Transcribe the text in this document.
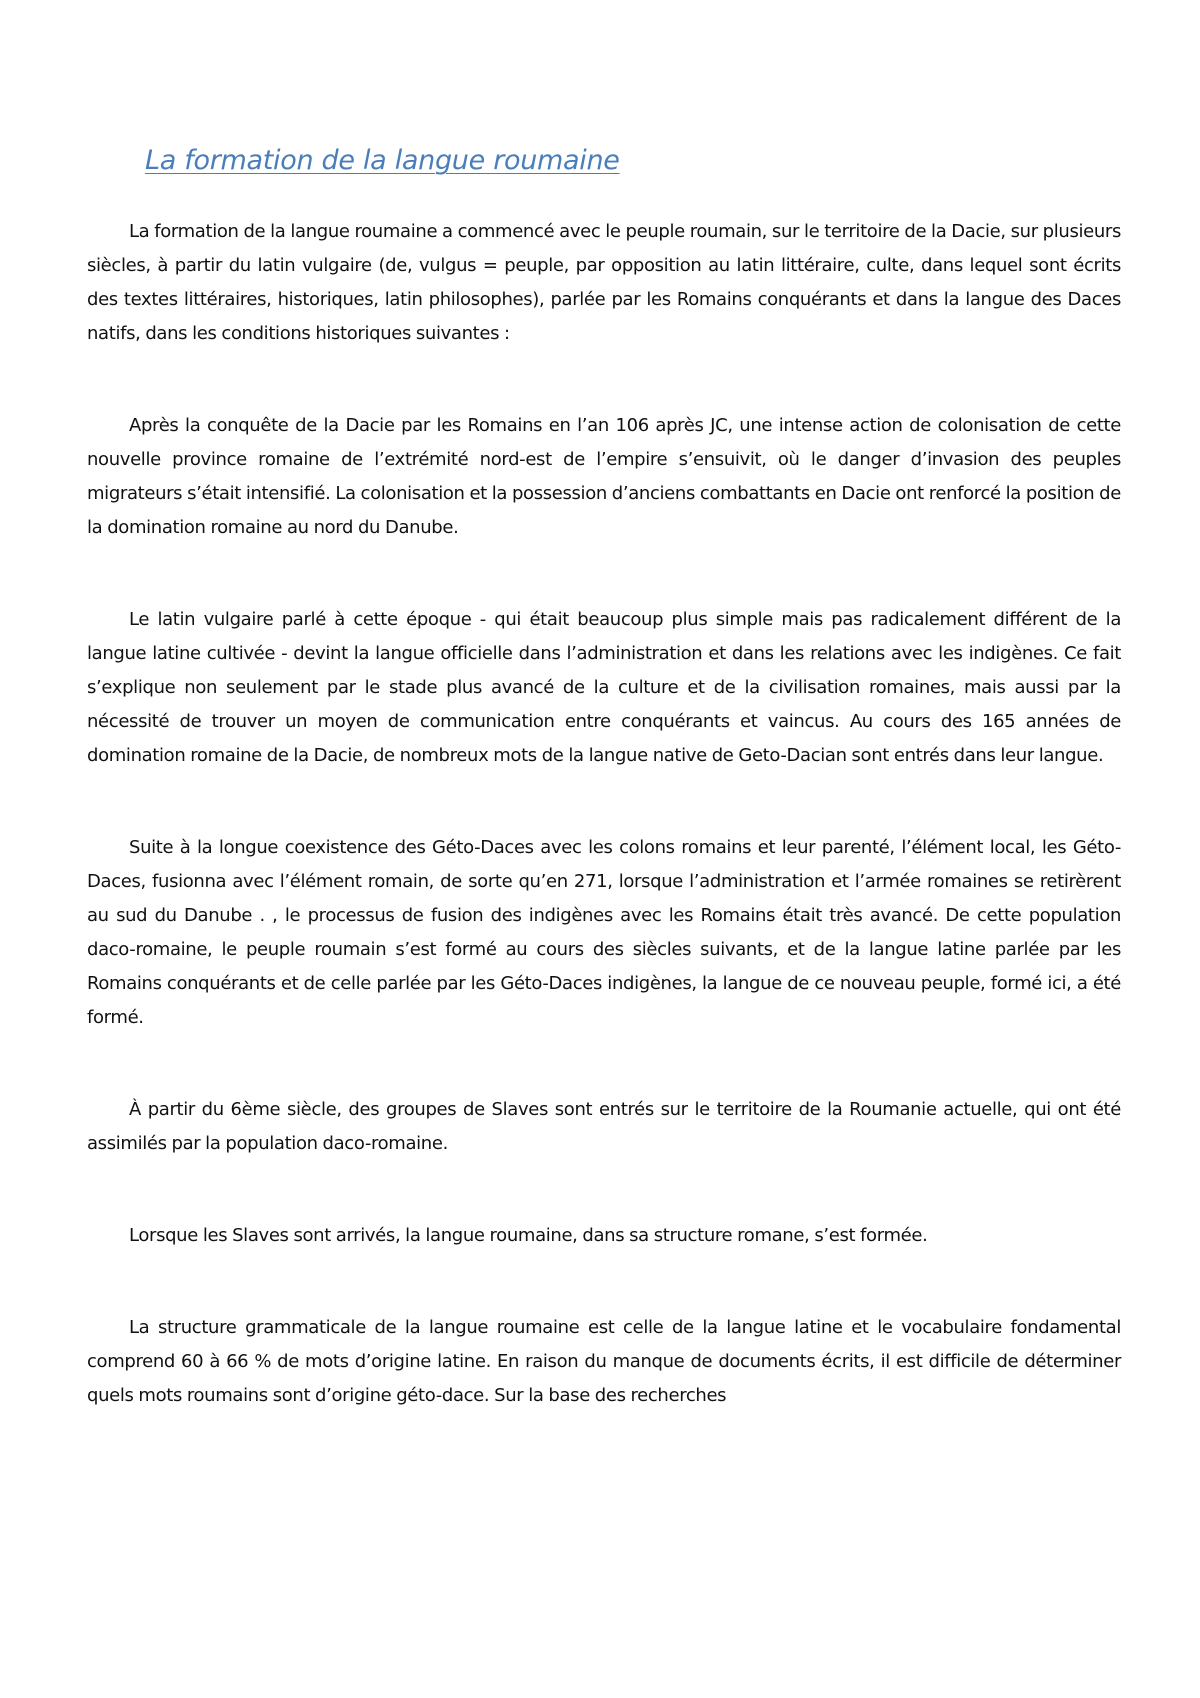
La formation de la langue roumaine

La formation de la langue roumaine a commencé avec le peuple roumain, sur le territoire de la Dacie, sur plusieurs siècles, à partir du latin vulgaire (de, vulgus = peuple, par opposition au latin littéraire, culte, dans lequel sont écrits des textes littéraires, historiques, latin philosophes), parlée par les Romains conquérants et dans la langue des Daces natifs, dans les conditions historiques suivantes :

Après la conquête de la Dacie par les Romains en l’an 106 après JC, une intense action de colonisation de cette nouvelle province romaine de l’extrémité nord-est de l’empire s’ensuivit, où le danger d’invasion des peuples migrateurs s’était intensifié. La colonisation et la possession d’anciens combattants en Dacie ont renforcé la position de la domination romaine au nord du Danube.

Le latin vulgaire parlé à cette époque - qui était beaucoup plus simple mais pas radicalement différent de la langue latine cultivée - devint la langue officielle dans l’administration et dans les relations avec les indigènes. Ce fait s’explique non seulement par le stade plus avancé de la culture et de la civilisation romaines, mais aussi par la nécessité de trouver un moyen de communication entre conquérants et vaincus. Au cours des 165 années de domination romaine de la Dacie, de nombreux mots de la langue native de Geto-Dacian sont entrés dans leur langue.

Suite à la longue coexistence des Géto-Daces avec les colons romains et leur parenté, l’élément local, les Géto-Daces, fusionna avec l’élément romain, de sorte qu’en 271, lorsque l’administration et l’armée romaines se retirèrent au sud du Danube . , le processus de fusion des indigènes avec les Romains était très avancé. De cette population daco-romaine, le peuple roumain s’est formé au cours des siècles suivants, et de la langue latine parlée par les Romains conquérants et de celle parlée par les Géto-Daces indigènes, la langue de ce nouveau peuple, formé ici, a été formé.

À partir du 6ème siècle, des groupes de Slaves sont entrés sur le territoire de la Roumanie actuelle, qui ont été assimilés par la population daco-romaine.

Lorsque les Slaves sont arrivés, la langue roumaine, dans sa structure romane, s’est formée.

La structure grammaticale de la langue roumaine est celle de la langue latine et le vocabulaire fondamental comprend 60 à 66 % de mots d’origine latine. En raison du manque de documents écrits, il est difficile de déterminer quels mots roumains sont d’origine géto-dace. Sur la base des recherches
